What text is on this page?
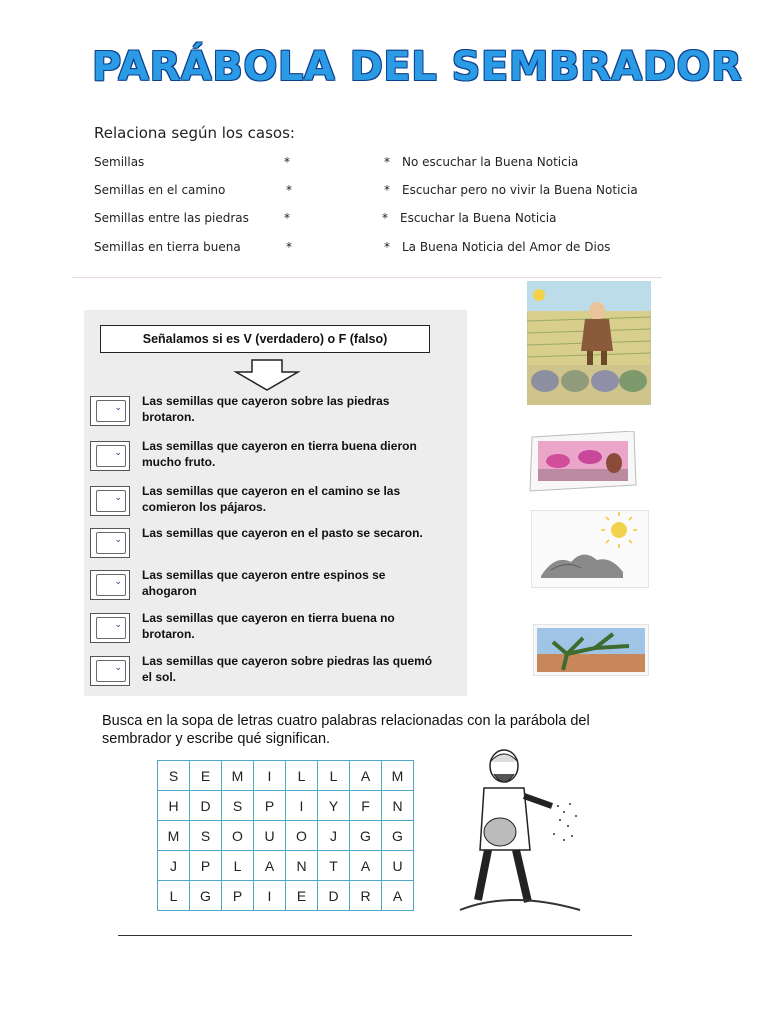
PARÁBOLA DEL SEMBRADOR
Relaciona según los casos:
Semillas	*	* No escuchar la Buena Noticia
Semillas en el camino	*	* Escuchar pero no vivir la Buena Noticia
Semillas entre las piedras	*	* Escuchar la Buena Noticia
Semillas en tierra buena	*	* La Buena Noticia del Amor de Dios
Señalamos si es V (verdadero) o F (falso)
⌄ Las semillas que cayeron sobre las piedras brotaron.
⌄ Las semillas que cayeron en tierra buena dieron mucho fruto.
⌄ Las semillas que cayeron en el camino se las comieron los pájaros.
⌄ Las semillas que cayeron en el pasto se secaron.
⌄ Las semillas que cayeron entre espinos se ahogaron
⌄ Las semillas que cayeron en tierra buena no brotaron.
⌄ Las semillas que cayeron sobre piedras las quemó el sol.
Busca en la sopa de letras cuatro palabras relacionadas con la parábola del sembrador y escribe qué significan.
S	E	M	I	L	L	A	M
H	D	S	P	I	Y	F	N
M	S	O	U	O	J	G	G
J	P	L	A	N	T	A	U
L	G	P	I	E	D	R	A
